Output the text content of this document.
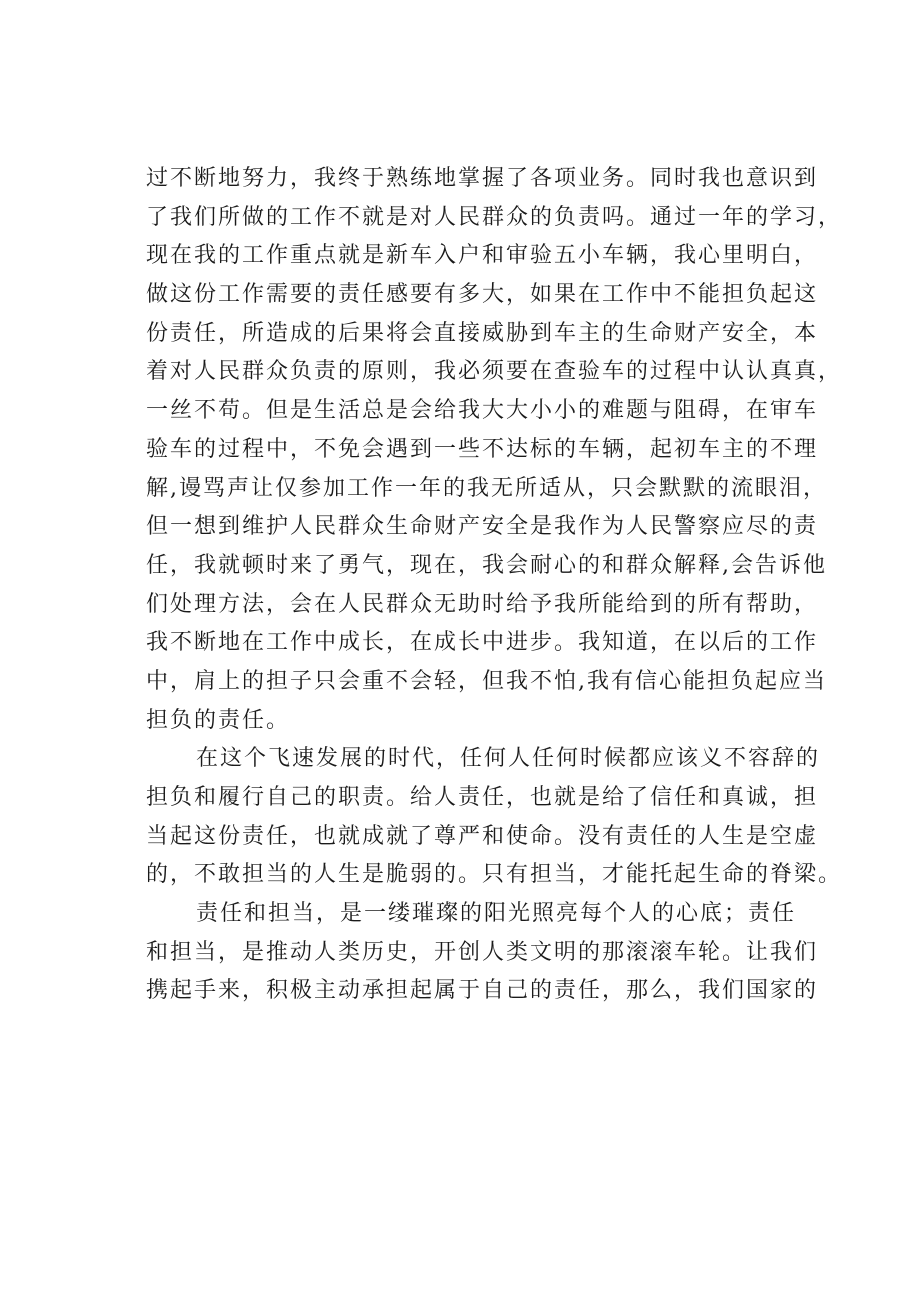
过不断地努力，我终于熟练地掌握了各项业务。同时我也意识到
了我们所做的工作不就是对人民群众的负责吗。通过一年的学习，
现在我的工作重点就是新车入户和审验五小车辆，我心里明白，
做这份工作需要的责任感要有多大，如果在工作中不能担负起这
份责任，所造成的后果将会直接威胁到车主的生命财产安全，本
着对人民群众负责的原则，我必须要在查验车的过程中认认真真，
一丝不苟。但是生活总是会给我大大小小的难题与阻碍，在审车
验车的过程中，不免会遇到一些不达标的车辆，起初车主的不理
解,谩骂声让仅参加工作一年的我无所适从，只会默默的流眼泪，
但一想到维护人民群众生命财产安全是我作为人民警察应尽的责
任，我就顿时来了勇气，现在，我会耐心的和群众解释,会告诉他
们处理方法，会在人民群众无助时给予我所能给到的所有帮助，
我不断地在工作中成长，在成长中进步。我知道，在以后的工作
中，肩上的担子只会重不会轻，但我不怕,我有信心能担负起应当
担负的责任。
在这个飞速发展的时代，任何人任何时候都应该义不容辞的
担负和履行自己的职责。给人责任，也就是给了信任和真诚，担
当起这份责任，也就成就了尊严和使命。没有责任的人生是空虚
的，不敢担当的人生是脆弱的。只有担当，才能托起生命的脊梁。
责任和担当，是一缕璀璨的阳光照亮每个人的心底；责任
和担当，是推动人类历史，开创人类文明的那滚滚车轮。让我们
携起手来，积极主动承担起属于自己的责任，那么，我们国家的
